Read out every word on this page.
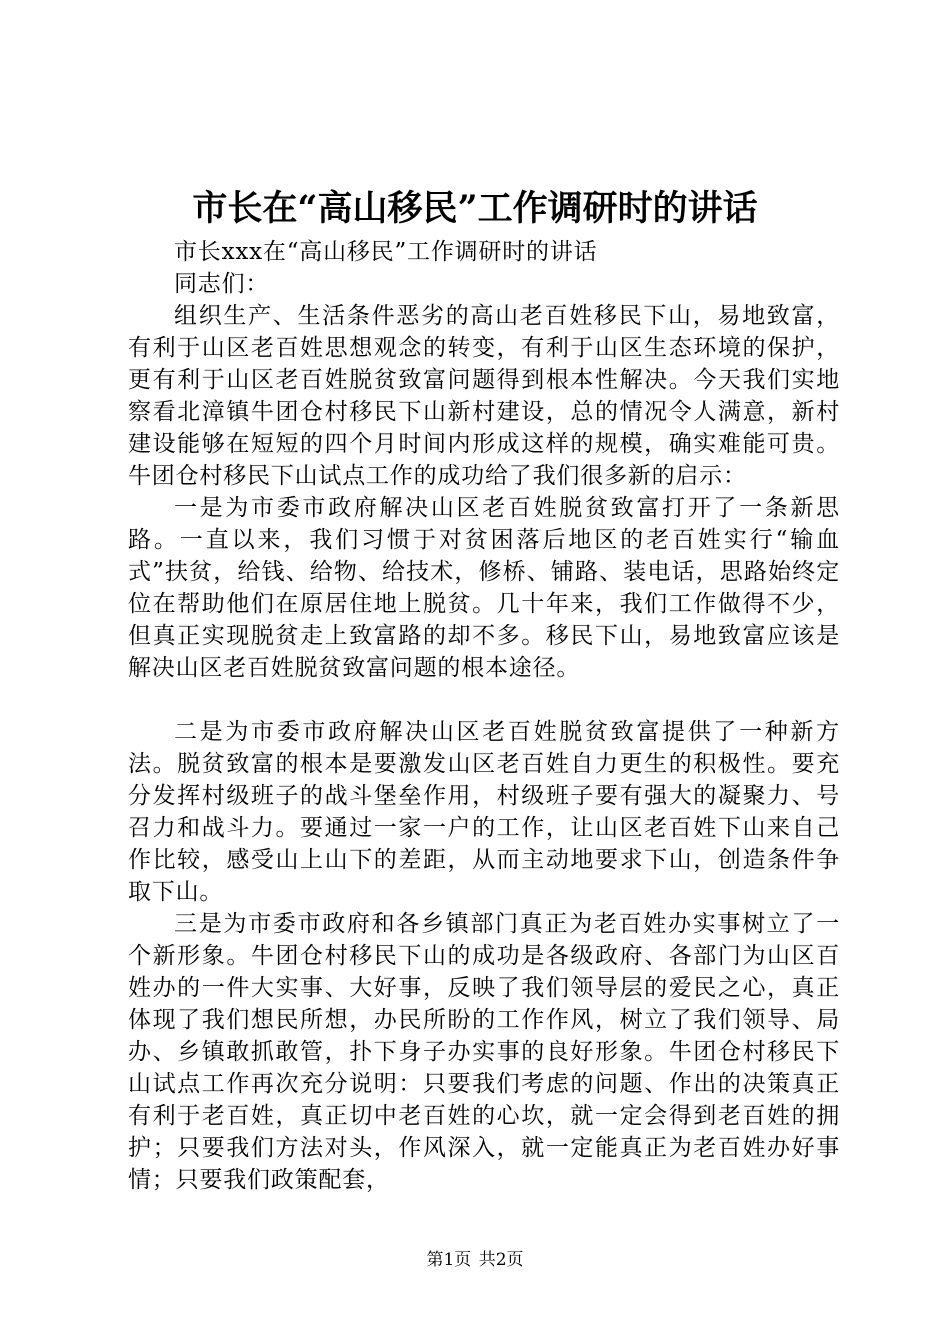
市长在“高山移民”工作调研时的讲话

市长xxx在“高山移民”工作调研时的讲话

同志们：

组织生产、生活条件恶劣的高山老百姓移民下山，易地致富，有利于山区老百姓思想观念的转变，有利于山区生态环境的保护，更有利于山区老百姓脱贫致富问题得到根本性解决。今天我们实地察看北漳镇牛团仓村移民下山新村建设，总的情况令人满意，新村建设能够在短短的四个月时间内形成这样的规模，确实难能可贵。牛团仓村移民下山试点工作的成功给了我们很多新的启示：

一是为市委市政府解决山区老百姓脱贫致富打开了一条新思路。一直以来，我们习惯于对贫困落后地区的老百姓实行“输血式”扶贫，给钱、给物、给技术，修桥、铺路、装电话，思路始终定位在帮助他们在原居住地上脱贫。几十年来，我们工作做得不少，但真正实现脱贫走上致富路的却不多。移民下山，易地致富应该是解决山区老百姓脱贫致富问题的根本途径。

二是为市委市政府解决山区老百姓脱贫致富提供了一种新方法。脱贫致富的根本是要激发山区老百姓自力更生的积极性。要充分发挥村级班子的战斗堡垒作用，村级班子要有强大的凝聚力、号召力和战斗力。要通过一家一户的工作，让山区老百姓下山来自己作比较，感受山上山下的差距，从而主动地要求下山，创造条件争取下山。

三是为市委市政府和各乡镇部门真正为老百姓办实事树立了一个新形象。牛团仓村移民下山的成功是各级政府、各部门为山区百姓办的一件大实事、大好事，反映了我们领导层的爱民之心，真正体现了我们想民所想，办民所盼的工作作风，树立了我们领导、局办、乡镇敢抓敢管，扑下身子办实事的良好形象。牛团仓村移民下山试点工作再次充分说明：只要我们考虑的问题、作出的决策真正有利于老百姓，真正切中老百姓的心坎，就一定会得到老百姓的拥护；只要我们方法对头，作风深入，就一定能真正为老百姓办好事情；只要我们政策配套，

第1页 共2页
